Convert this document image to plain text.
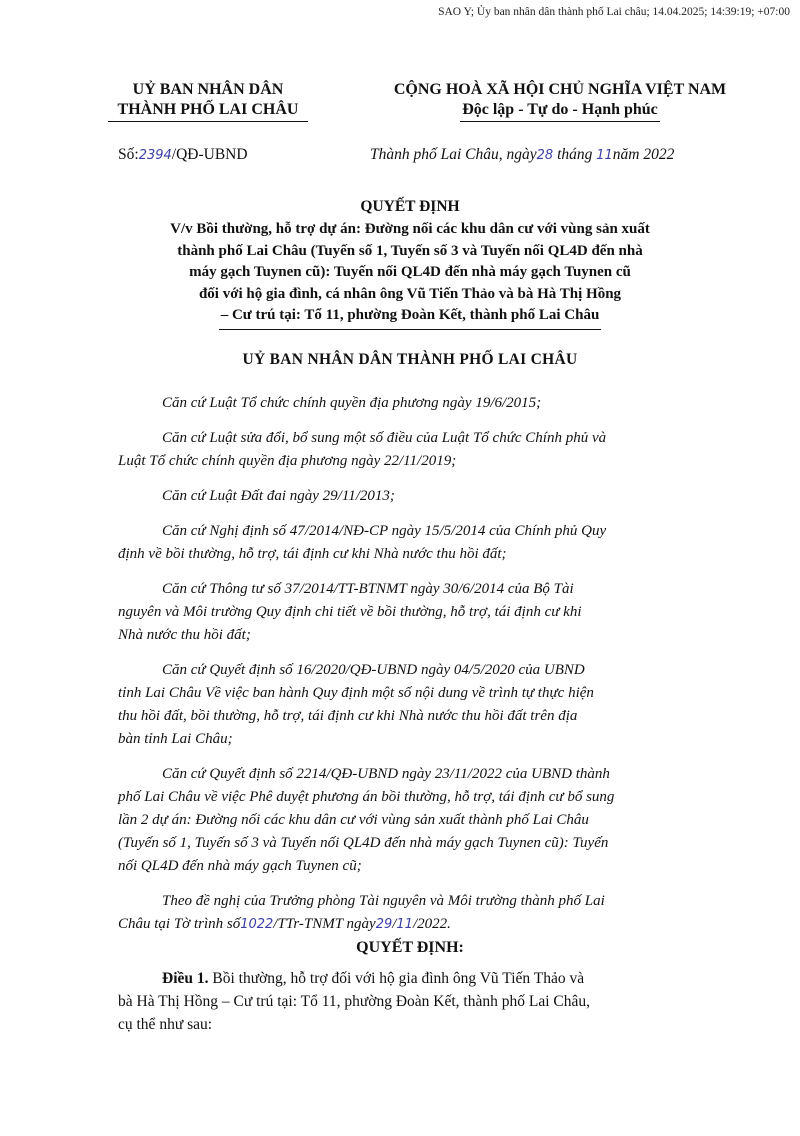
SAO Y; Ủy ban nhân dân thành phố Lai châu; 14.04.2025; 14:39:19; +07:00
UỶ BAN NHÂN DÂN
THÀNH PHỐ LAI CHÂU
CỘNG HOÀ XÃ HỘI CHỦ NGHĨA VIỆT NAM
Độc lập - Tự do - Hạnh phúc
Số:2394/QĐ-UBND	Thành phố Lai Châu, ngày28 tháng 11năm 2022
QUYẾT ĐỊNH
V/v Bồi thường, hỗ trợ dự án: Đường nối các khu dân cư với vùng sản xuất
thành phố Lai Châu (Tuyến số 1, Tuyến số 3 và Tuyến nối QL4D đến nhà
máy gạch Tuynen cũ): Tuyến nối QL4D đến nhà máy gạch Tuynen cũ
đối với hộ gia đình, cá nhân ông Vũ Tiến Thảo và bà Hà Thị Hồng
– Cư trú tại: Tổ 11, phường Đoàn Kết, thành phố Lai Châu
UỶ BAN NHÂN DÂN THÀNH PHỐ LAI CHÂU

Căn cứ Luật Tổ chức chính quyền địa phương ngày 19/6/2015;

Căn cứ Luật sửa đổi, bổ sung một số điều của Luật Tổ chức Chính phủ và

Luật Tổ chức chính quyền địa phương ngày 22/11/2019;

Căn cứ Luật Đất đai ngày 29/11/2013;

Căn cứ Nghị định số 47/2014/NĐ-CP ngày 15/5/2014 của Chính phủ Quy

định về bồi thường, hỗ trợ, tái định cư khi Nhà nước thu hồi đất;

Căn cứ Thông tư số 37/2014/TT-BTNMT ngày 30/6/2014 của Bộ Tài

nguyên và Môi trường Quy định chi tiết về bồi thường, hỗ trợ, tái định cư khi

Nhà nước thu hồi đất;

Căn cứ Quyết định số 16/2020/QĐ-UBND ngày 04/5/2020 của UBND

tỉnh Lai Châu Về việc ban hành Quy định một số nội dung về trình tự thực hiện

thu hồi đất, bồi thường, hỗ trợ, tái định cư khi Nhà nước thu hồi đất trên địa

bàn tỉnh Lai Châu;

Căn cứ Quyết định số 2214/QĐ-UBND ngày 23/11/2022 của UBND thành

phố Lai Châu về việc Phê duyệt phương án bồi thường, hỗ trợ, tái định cư bổ sung

lần 2 dự án: Đường nối các khu dân cư với vùng sản xuất thành phố Lai Châu

(Tuyến số 1, Tuyến số 3 và Tuyến nối QL4D đến nhà máy gạch Tuynen cũ): Tuyến

nối QL4D đến nhà máy gạch Tuynen cũ;

Theo đề nghị của Trưởng phòng Tài nguyên và Môi trường thành phố Lai

Châu tại Tờ trình số1022/TTr-TNMT ngày29/11/2022.

QUYẾT ĐỊNH:

Điều 1. Bồi thường, hỗ trợ đối với hộ gia đình ông Vũ Tiến Thảo và

bà Hà Thị Hồng – Cư trú tại: Tổ 11, phường Đoàn Kết, thành phố Lai Châu,

cụ thể như sau:
